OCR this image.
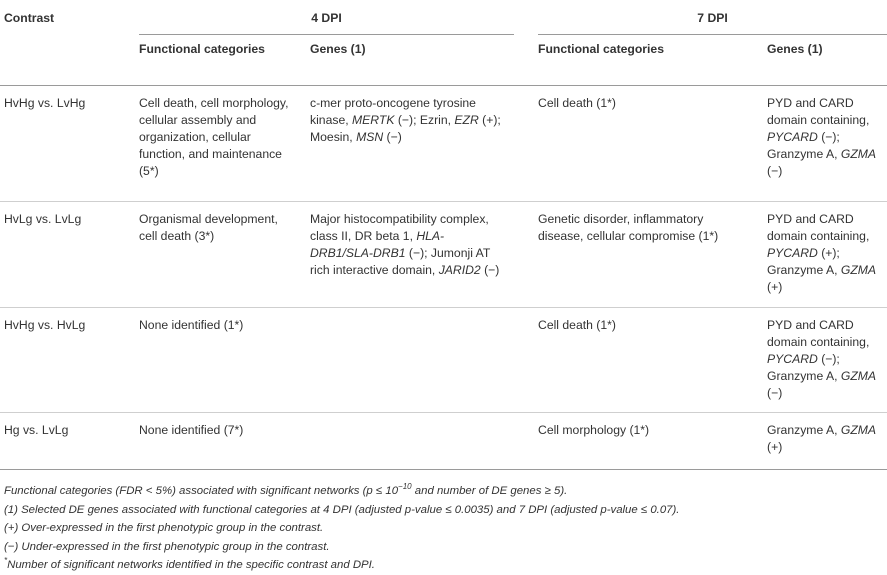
Contrast	4 DPI			7 DPI	
	Functional categories	Genes (1)		Functional categories	Genes (1)
HvHg vs. LvHg	Cell death, cell morphology, cellular assembly and organization, cellular function, and maintenance (5*)	c-mer proto-oncogene tyrosine kinase, MERTK (−); Ezrin, EZR (+); Moesin, MSN (−)		Cell death (1*)	PYD and CARD domain containing, PYCARD (−); Granzyme A, GZMA (−)
HvLg vs. LvLg	Organismal development, cell death (3*)	Major histocompatibility complex, class II, DR beta 1, HLA-DRB1/SLA-DRB1 (−); Jumonji AT rich interactive domain, JARID2 (−)		Genetic disorder, inflammatory disease, cellular compromise (1*)	PYD and CARD domain containing, PYCARD (+); Granzyme A, GZMA (+)
HvHg vs. HvLg	None identified (1*)			Cell death (1*)	PYD and CARD domain containing, PYCARD (−); Granzyme A, GZMA (−)
Hg vs. LvLg	None identified (7*)			Cell morphology (1*)	Granzyme A, GZMA (+)
Functional categories (FDR < 5%) associated with significant networks ($p \le 10^{-10}$ and number of DE genes ≥ 5).
(1) Selected DE genes associated with functional categories at 4 DPI (adjusted p-value ≤ 0.0035) and 7 DPI (adjusted p-value ≤ 0.07).
(+) Over-expressed in the first phenotypic group in the contrast.
(−) Under-expressed in the first phenotypic group in the contrast.
*Number of significant networks identified in the specific contrast and DPI.
